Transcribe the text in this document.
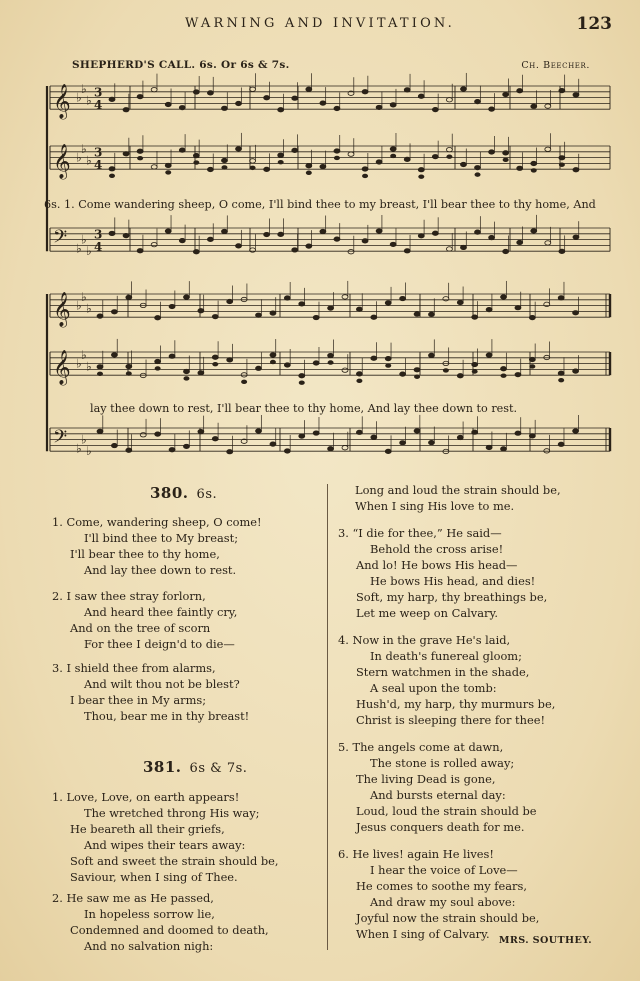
WARNING AND INVITATION.	123
SHEPHERD'S CALL. 6s. Or 6s & 7s.	Ch. Beecher.
𝄞 ♭
♭
♭
3
4
𝄞 ♭
♭
♭
3
4
𝄢 ♭
♭
♭
3
4
𝄞 ♭
♭
♭
𝄞 ♭
♭
♭
𝄢 ♭
♭
♭
6s. 1. Come wandering sheep, O come, I'll bind thee to my breast, I'll bear thee to thy home, And
lay thee down to rest, I'll bear thee to thy home, And lay thee down to rest.
380. 6s.
1. Come, wandering sheep, O come!
I'll bind thee to My breast;
I'll bear thee to thy home,
And lay thee down to rest.
2. I saw thee stray forlorn,
And heard thee faintly cry,
And on the tree of scorn
For thee I deign'd to die—
3. I shield thee from alarms,
And wilt thou not be blest?
I bear thee in My arms;
Thou, bear me in thy breast!
381. 6s & 7s.
1. Love, Love, on earth appears!
The wretched throng His way;
He beareth all their griefs,
And wipes their tears away:
Soft and sweet the strain should be,
Saviour, when I sing of Thee.
2. He saw me as He passed,
In hopeless sorrow lie,
Condemned and doomed to death,
And no salvation nigh:
Long and loud the strain should be,
When I sing His love to me.
3. “I die for thee,” He said—
Behold the cross arise!
And lo! He bows His head—
He bows His head, and dies!
Soft, my harp, thy breathings be,
Let me weep on Calvary.
4. Now in the grave He's laid,
In death's funereal gloom;
Stern watchmen in the shade,
A seal upon the tomb:
Hush'd, my harp, thy murmurs be,
Christ is sleeping there for thee!
5. The angels come at dawn,
The stone is rolled away;
The living Dead is gone,
And bursts eternal day:
Loud, loud the strain should be
Jesus conquers death for me.
6. He lives! again He lives!
I hear the voice of Love—
He comes to soothe my fears,
And draw my soul above:
Joyful now the strain should be,
When I sing of Calvary. MRS. SOUTHEY.
